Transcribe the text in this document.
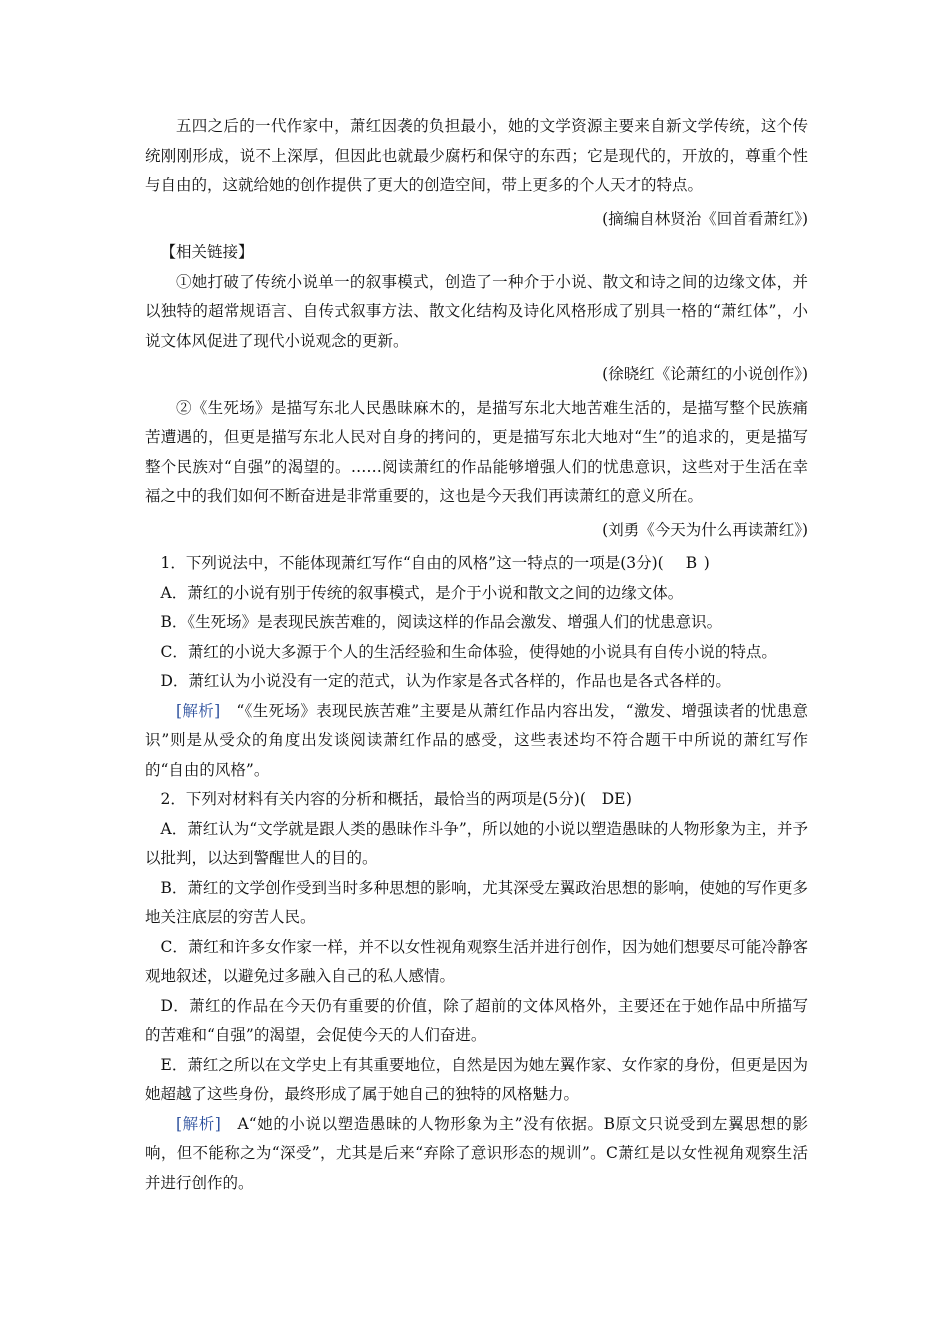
五四之后的一代作家中，萧红因袭的负担最小，她的文学资源主要来自新文学传统，这个传统刚刚形成，说不上深厚，但因此也就最少腐朽和保守的东西；它是现代的，开放的，尊重个性与自由的，这就给她的创作提供了更大的创造空间，带上更多的个人天才的特点。

(摘编自林贤治《回首看萧红》)

【相关链接】

①她打破了传统小说单一的叙事模式，创造了一种介于小说、散文和诗之间的边缘文体，并以独特的超常规语言、自传式叙事方法、散文化结构及诗化风格形成了别具一格的“萧红体”，小说文体风促进了现代小说观念的更新。

(徐晓红《论萧红的小说创作》)

②《生死场》是描写东北人民愚昧麻木的，是描写东北大地苦难生活的，是描写整个民族痛苦遭遇的，但更是描写东北人民对自身的拷问的，更是描写东北大地对“生”的追求的，更是描写整个民族对“自强”的渴望的。……阅读萧红的作品能够增强人们的忧患意识，这些对于生活在幸福之中的我们如何不断奋进是非常重要的，这也是今天我们再读萧红的意义所在。

(刘勇《今天为什么再读萧红》)

1．下列说法中，不能体现萧红写作“自由的风格”这一特点的一项是(3分)( B )

A．萧红的小说有别于传统的叙事模式，是介于小说和散文之间的边缘文体。

B．《生死场》是表现民族苦难的，阅读这样的作品会激发、增强人们的忧患意识。

C．萧红的小说大多源于个人的生活经验和生命体验，使得她的小说具有自传小说的特点。

D．萧红认为小说没有一定的范式，认为作家是各式各样的，作品也是各式各样的。

[解析]　 “《生死场》表现民族苦难”主要是从萧红作品内容出发，“激发、增强读者的忧患意识”则是从受众的角度出发谈阅读萧红作品的感受，这些表述均不符合题干中所说的萧红写作的“自由的风格”。

2．下列对材料有关内容的分析和概括，最恰当的两项是(5分)( DE)

A．萧红认为“文学就是跟人类的愚昧作斗争”，所以她的小说以塑造愚昧的人物形象为主，并予以批判，以达到警醒世人的目的。

B．萧红的文学创作受到当时多种思想的影响，尤其深受左翼政治思想的影响，使她的写作更多地关注底层的穷苦人民。

C．萧红和许多女作家一样，并不以女性视角观察生活并进行创作，因为她们想要尽可能冷静客观地叙述，以避免过多融入自己的私人感情。

D．萧红的作品在今天仍有重要的价值，除了超前的文体风格外，主要还在于她作品中所描写的苦难和“自强”的渴望，会促使今天的人们奋进。

E．萧红之所以在文学史上有其重要地位，自然是因为她左翼作家、女作家的身份，但更是因为她超越了这些身份，最终形成了属于她自己的独特的风格魅力。

[解析]　 A“她的小说以塑造愚昧的人物形象为主”没有依据。B原文只说受到左翼思想的影响，但不能称之为“深受”，尤其是后来“弃除了意识形态的规训”。C萧红是以女性视角观察生活并进行创作的。
